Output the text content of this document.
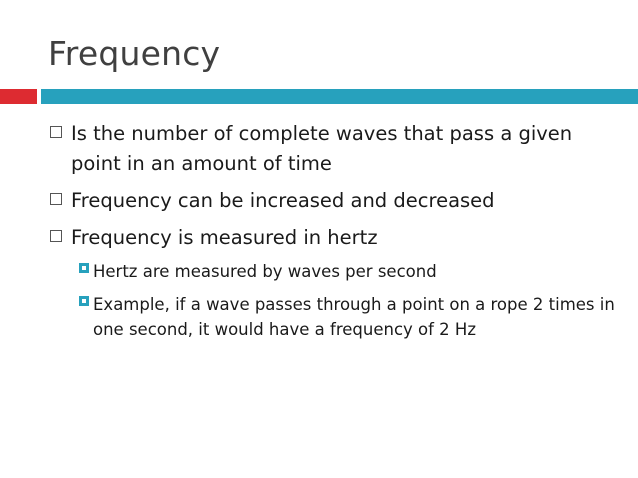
Frequency
Is the number of complete waves that pass a given point in an amount of time
Frequency can be increased and decreased
Frequency is measured in hertz
Hertz are measured by waves per second
Example, if a wave passes through a point on a rope 2 times in one second, it would have a frequency of 2 Hz
